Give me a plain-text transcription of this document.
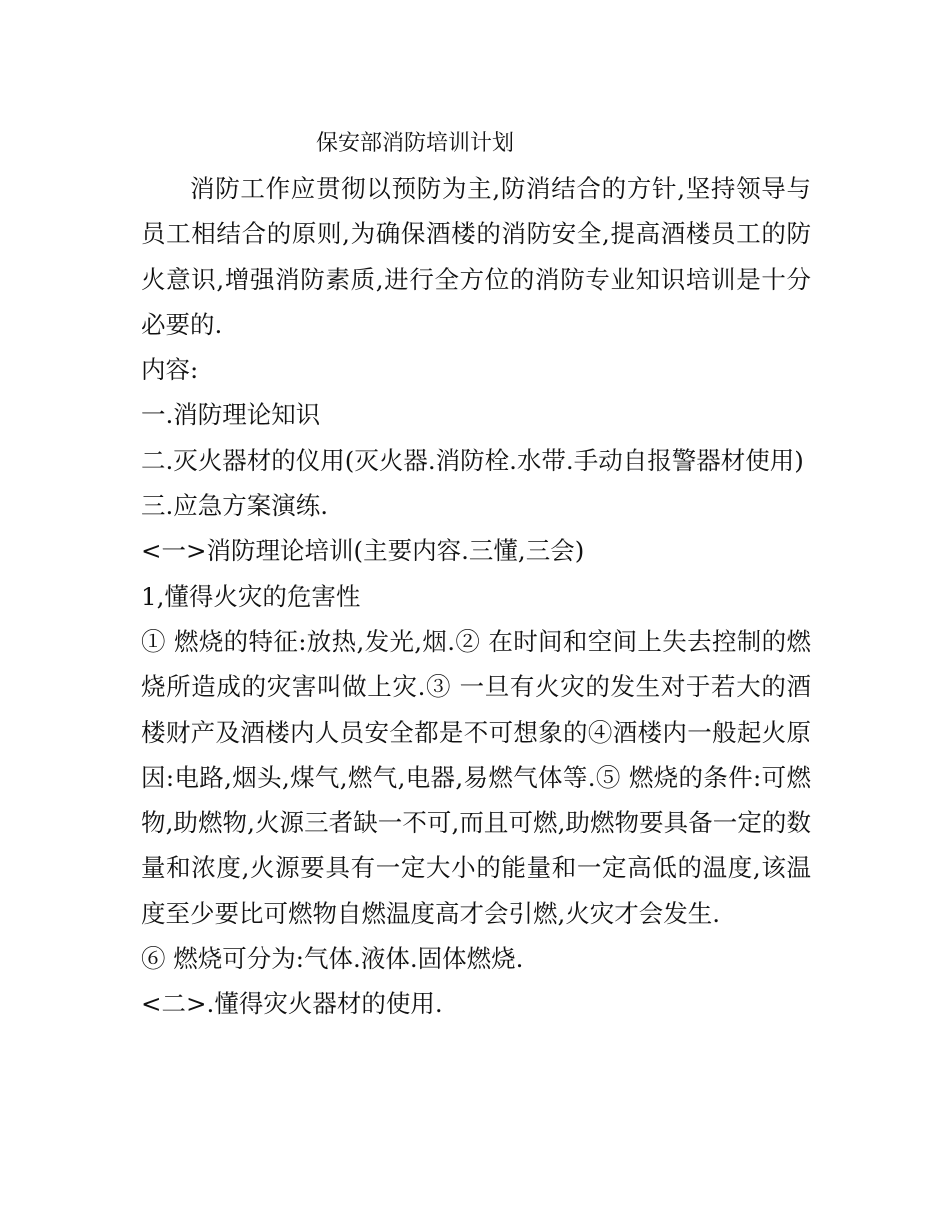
保安部消防培训计划

消防工作应贯彻以预防为主,防消结合的方针,坚持领导与员工相结合的原则,为确保酒楼的消防安全,提高酒楼员工的防火意识,增强消防素质,进行全方位的消防专业知识培训是十分必要的.

内容:

一.消防理论知识

二.灭火器材的仪用(灭火器.消防栓.水带.手动自报警器材使用)

三.应急方案演练.

<一>消防理论培训(主要内容.三懂,三会)

1,懂得火灾的危害性

① 燃烧的特征:放热,发光,烟.② 在时间和空间上失去控制的燃烧所造成的灾害叫做上灾.③ 一旦有火灾的发生对于若大的酒楼财产及酒楼内人员安全都是不可想象的④酒楼内一般起火原因:电路,烟头,煤气,燃气,电器,易燃气体等.⑤ 燃烧的条件:可燃物,助燃物,火源三者缺一不可,而且可燃,助燃物要具备一定的数量和浓度,火源要具有一定大小的能量和一定高低的温度,该温度至少要比可燃物自燃温度高才会引燃,火灾才会发生.

⑥ 燃烧可分为:气体.液体.固体燃烧.

<二>.懂得灾火器材的使用.
